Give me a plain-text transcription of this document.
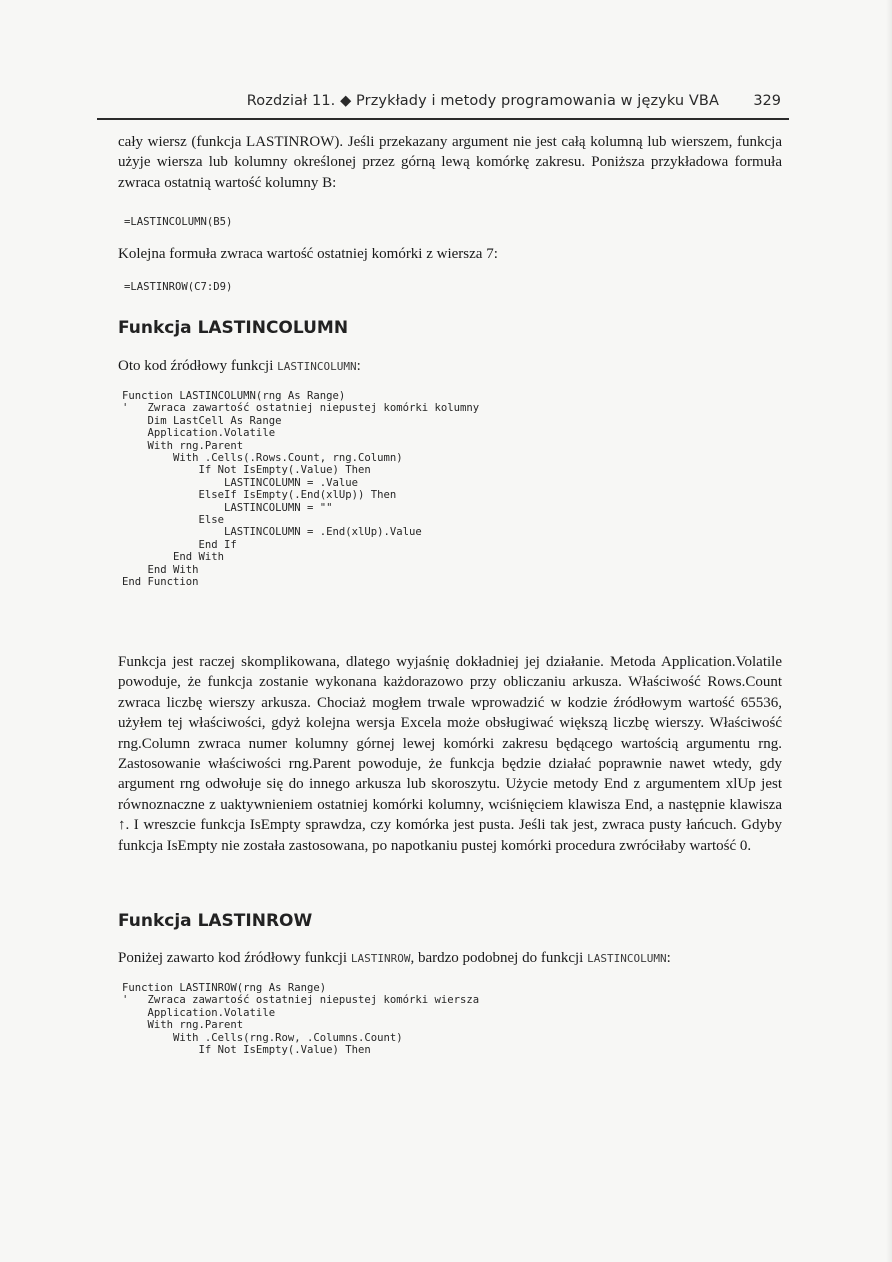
Rozdział 11. ◆ Przykłady i metody programowania w języku VBA 329

cały wiersz (funkcja LASTINROW). Jeśli przekazany argument nie jest całą kolumną lub wierszem, funkcja użyje wiersza lub kolumny określonej przez górną lewą komórkę zakresu. Poniższa przykładowa formuła zwraca ostatnią wartość kolumny B:

=LASTINCOLUMN(B5)

Kolejna formuła zwraca wartość ostatniej komórki z wiersza 7:

=LASTINROW(C7:D9)
Funkcja LASTINCOLUMN

Oto kod źródłowy funkcji LASTINCOLUMN:

Function LASTINCOLUMN(rng As Range)
'   Zwraca zawartość ostatniej niepustej komórki kolumny
Dim LastCell As Range
Application.Volatile
With rng.Parent
With .Cells(.Rows.Count, rng.Column)
If Not IsEmpty(.Value) Then
LASTINCOLUMN = .Value
ElseIf IsEmpty(.End(xlUp)) Then
LASTINCOLUMN = ""
Else
LASTINCOLUMN = .End(xlUp).Value
End If
End With
End With
End Function

Funkcja jest raczej skomplikowana, dlatego wyjaśnię dokładniej jej działanie. Metoda Application.Volatile powoduje, że funkcja zostanie wykonana każdorazowo przy obliczaniu arkusza. Właściwość Rows.Count zwraca liczbę wierszy arkusza. Chociaż mogłem trwale wprowadzić w kodzie źródłowym wartość 65536, użyłem tej właściwości, gdyż kolejna wersja Excela może obsługiwać większą liczbę wierszy. Właściwość rng.Column zwraca numer kolumny górnej lewej komórki zakresu będącego wartością argumentu rng. Zastosowanie właściwości rng.Parent powoduje, że funkcja będzie działać poprawnie nawet wtedy, gdy argument rng odwołuje się do innego arkusza lub skoroszytu. Użycie metody End z argumentem xlUp jest równoznaczne z uaktywnieniem ostatniej komórki kolumny, wciśnięciem klawisza End, a następnie klawisza ↑. I wreszcie funkcja IsEmpty sprawdza, czy komórka jest pusta. Jeśli tak jest, zwraca pusty łańcuch. Gdyby funkcja IsEmpty nie została zastosowana, po napotkaniu pustej komórki procedura zwróciłaby wartość 0.

Funkcja LASTINROW

Poniżej zawarto kod źródłowy funkcji LASTINROW, bardzo podobnej do funkcji LASTINCOLUMN:

Function LASTINROW(rng As Range)
'   Zwraca zawartość ostatniej niepustej komórki wiersza
Application.Volatile
With rng.Parent
With .Cells(rng.Row, .Columns.Count)
If Not IsEmpty(.Value) Then
